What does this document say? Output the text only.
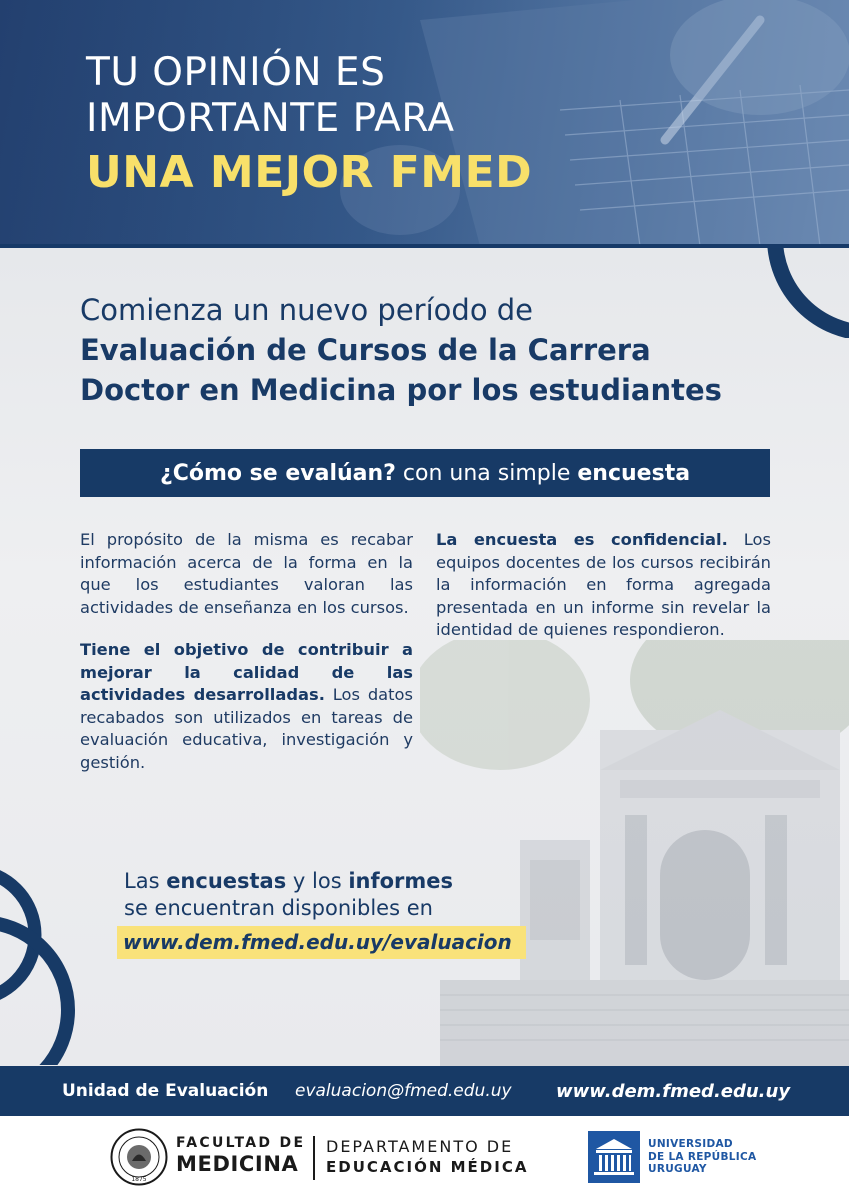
TU OPINIÓN ES
IMPORTANTE PARA
UNA MEJOR FMED
Comienza un nuevo período de
Evaluación de Cursos de la Carrera
Doctor en Medicina por los estudiantes
¿Cómo se evalúan? con una simple encuesta

El propósito de la misma es recabar información acerca de la forma en la que los estudiantes valoran las actividades de enseñanza en los cursos.

Tiene el objetivo de contribuir a mejorar la calidad de las actividades desarrolladas. Los datos recabados son utilizados en tareas de evaluación educativa, investigación y gestión.

La encuesta es confidencial. Los equipos docentes de los cursos recibirán la información en forma agregada presentada en un informe sin revelar la identidad de quienes respondieron.

Las encuestas y los informes
se encuentran disponibles en
www.dem.fmed.edu.uy/evaluacion
Unidad de Evaluación evaluacion@fmed.edu.uy www.dem.fmed.edu.uy
1875
FACULTAD DE
MEDICINA
DEPARTAMENTO DE
EDUCACIÓN MÉDICA
UNIVERSIDAD
DE LA REPÚBLICA
URUGUAY
